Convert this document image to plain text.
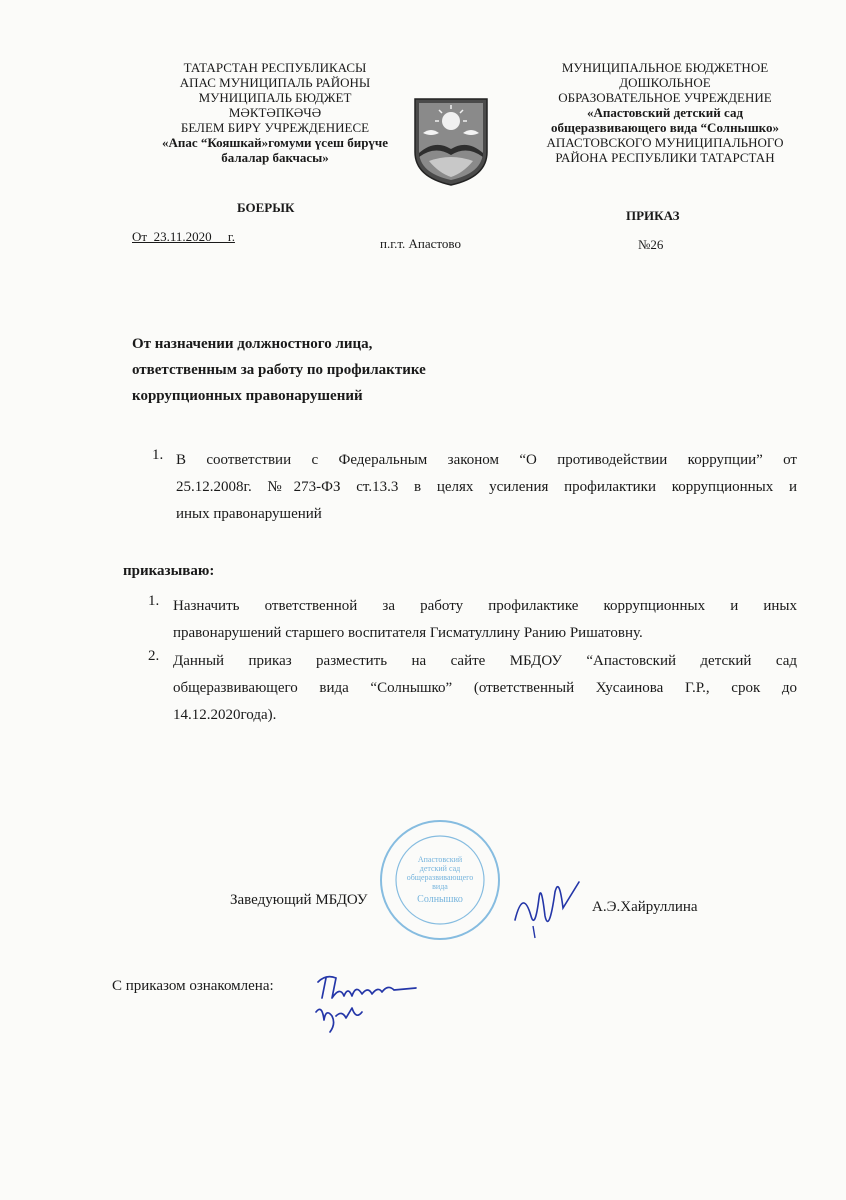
ТАТАРСТАН РЕСПУБЛИКАСЫ
АПАС МУНИЦИПАЛЬ РАЙОНЫ
МУНИЦИПАЛЬ БЮДЖЕТ
МӘКТӘПКӘЧӘ
БЕЛЕМ БИРҮ УЧРЕЖДЕНИЕСЕ
«Апас “Кояшкай»гомуми үсеш бирүче
балалар бакчасы»
МУНИЦИПАЛЬНОЕ БЮДЖЕТНОЕ
ДОШКОЛЬНОЕ
ОБРАЗОВАТЕЛЬНОЕ УЧРЕЖДЕНИЕ
«Апастовский детский сад
общеразвивающего вида “Солнышко»
АПАСТОВСКОГО МУНИЦИПАЛЬНОГО
РАЙОНА РЕСПУБЛИКИ ТАТАРСТАН
БОЕРЫК
ПРИКАЗ
От  23.11.2020     г.	п.г.т. Апастово	№26
От назначении должностного лица,
ответственным за работу по профилактике
коррупционных правонарушений
1. В соответствии с Федеральным законом “О противодействии коррупции” от
25.12.2008г. №273-ФЗ ст.13.3 в целях усиления профилактики коррупционных и
иных правонарушений
приказываю:
1. Назначить ответственной за работу профилактике коррупционных и иных
правонарушений старшего воспитателя Гисматуллину Ранию Ришатовну.
2. Данный приказ разместить на сайте МБДОУ “Апастовский детский сад
общеразвивающего вида “Солнышко” (ответственный Хусаинова Г.Р., срок до
14.12.2020года).
Апастовский
детский сад
общеразвивающего
вида
Солнышко
Заведующий МБДОУ	А.Э.Хайруллина
С приказом ознакомлена:
